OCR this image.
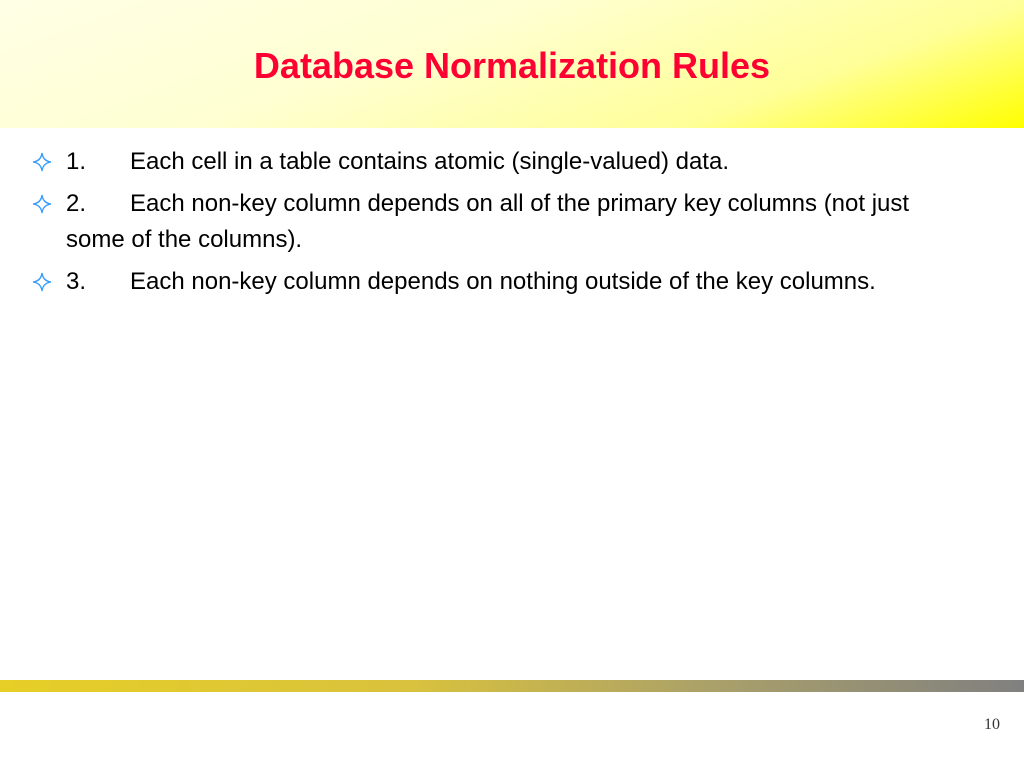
Database Normalization Rules
1. Each cell in a table contains atomic (single-valued) data.
2. Each non-key column depends on all of the primary key columns (not just some of the columns).
3. Each non-key column depends on nothing outside of the key columns.
10
